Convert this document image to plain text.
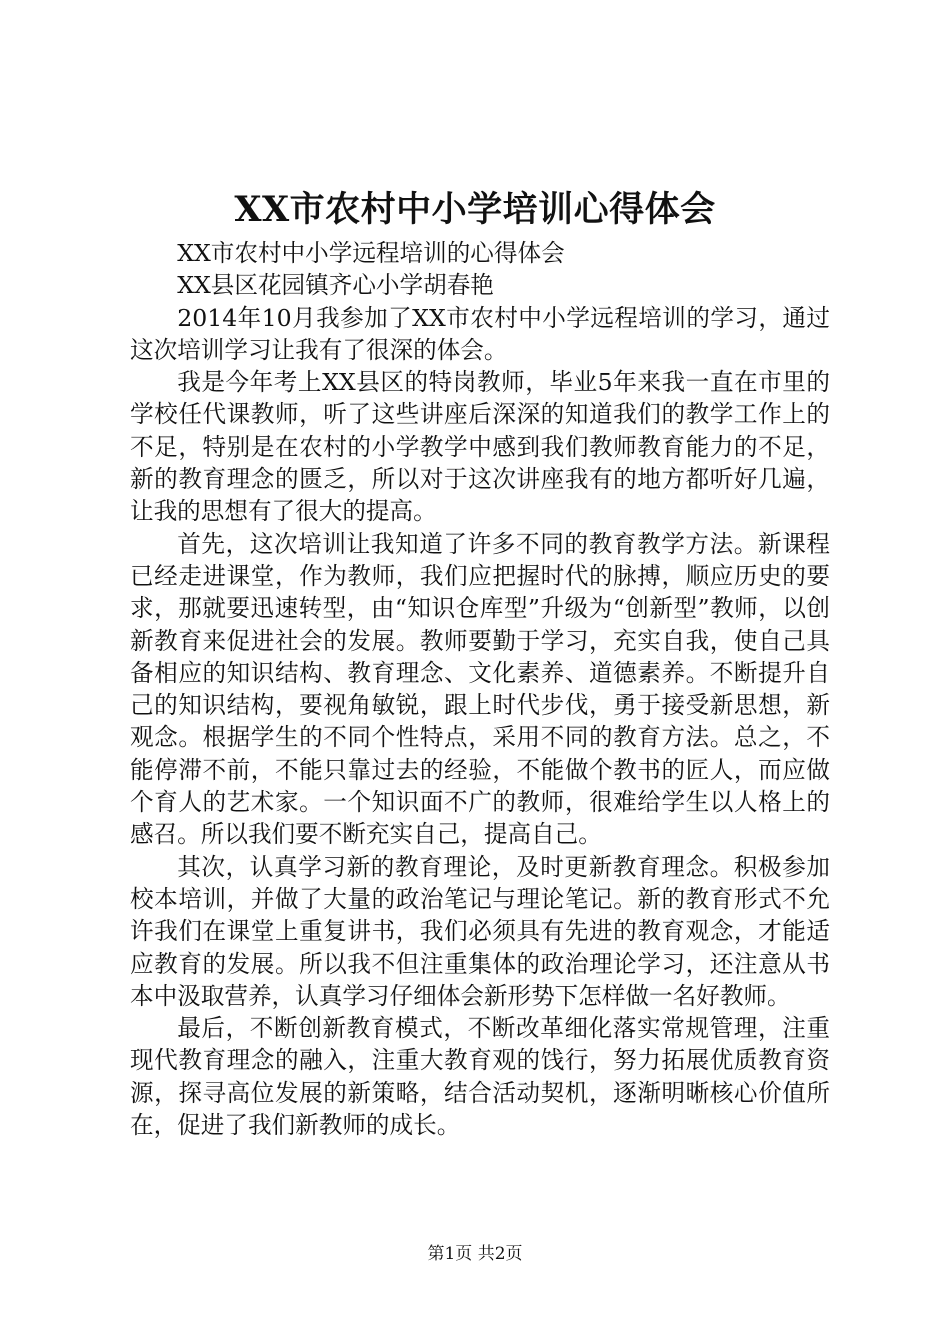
XX市农村中小学培训心得体会

XX市农村中小学远程培训的心得体会

XX县区花园镇齐心小学胡春艳

2014年10月我参加了XX市农村中小学远程培训的学习，通过这次培训学习让我有了很深的体会。

我是今年考上XX县区的特岗教师，毕业5年来我一直在市里的学校任代课教师，听了这些讲座后深深的知道我们的教学工作上的不足，特别是在农村的小学教学中感到我们教师教育能力的不足，新的教育理念的匮乏，所以对于这次讲座我有的地方都听好几遍，让我的思想有了很大的提高。

首先，这次培训让我知道了许多不同的教育教学方法。新课程已经走进课堂，作为教师，我们应把握时代的脉搏，顺应历史的要求，那就要迅速转型，由“知识仓库型”升级为“创新型”教师，以创新教育来促进社会的发展。教师要勤于学习，充实自我，使自己具备相应的知识结构、教育理念、文化素养、道德素养。不断提升自己的知识结构，要视角敏锐，跟上时代步伐，勇于接受新思想，新观念。根据学生的不同个性特点，采用不同的教育方法。总之，不能停滞不前，不能只靠过去的经验，不能做个教书的匠人，而应做个育人的艺术家。一个知识面不广的教师，很难给学生以人格上的感召。所以我们要不断充实自己，提高自己。

其次，认真学习新的教育理论，及时更新教育理念。积极参加校本培训，并做了大量的政治笔记与理论笔记。新的教育形式不允许我们在课堂上重复讲书，我们必须具有先进的教育观念，才能适应教育的发展。所以我不但注重集体的政治理论学习，还注意从书本中汲取营养，认真学习仔细体会新形势下怎样做一名好教师。

最后，不断创新教育模式，不断改革细化落实常规管理，注重现代教育理念的融入，注重大教育观的饯行，努力拓展优质教育资源，探寻高位发展的新策略，结合活动契机，逐渐明晰核心价值所在，促进了我们新教师的成长。

第1页 共2页
